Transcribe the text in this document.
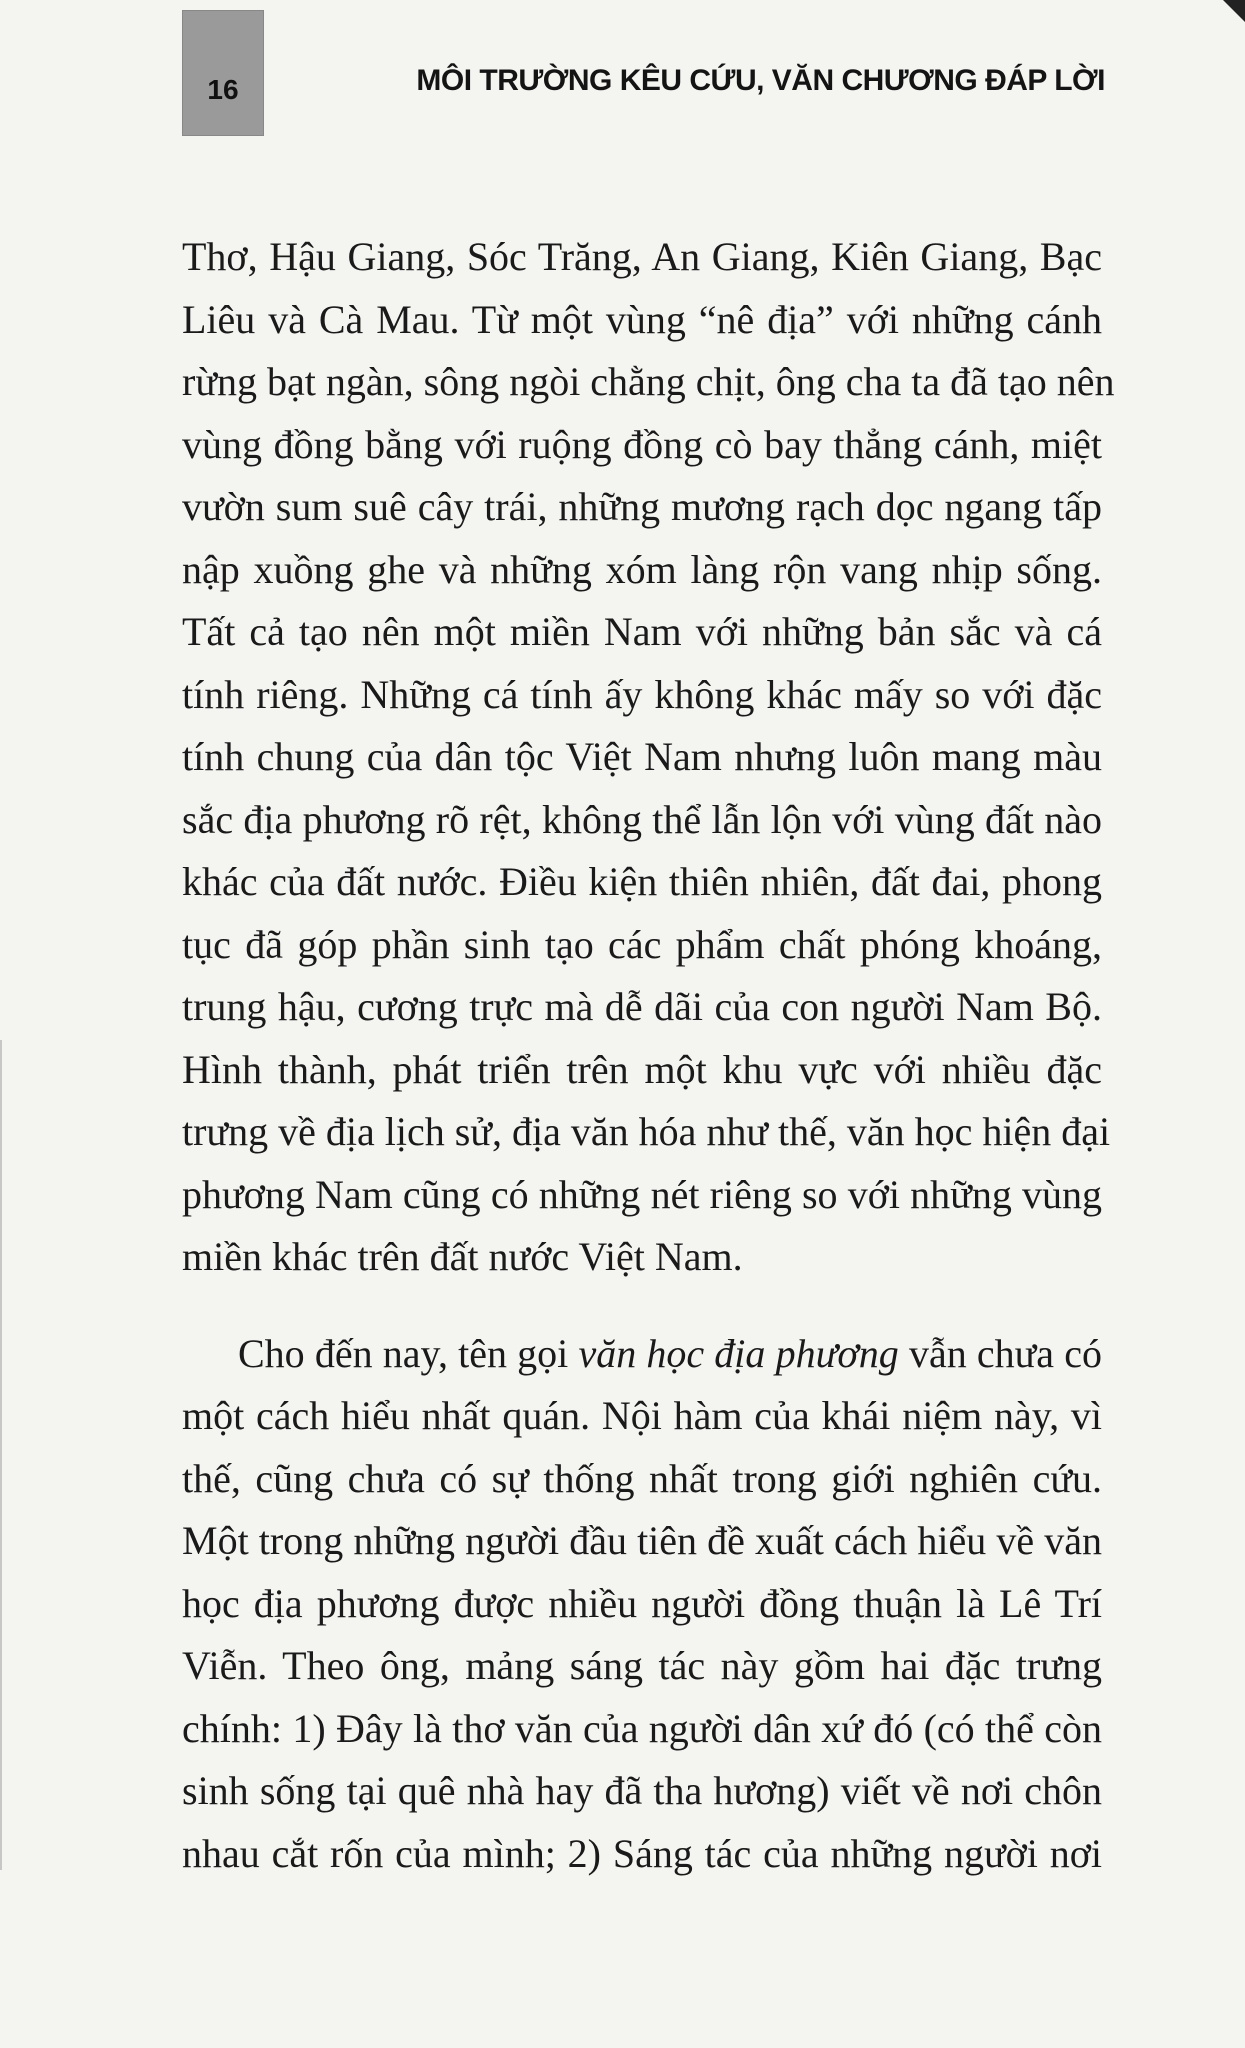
16	MÔI TRƯỜNG KÊU CỨU, VĂN CHƯƠNG ĐÁP LỜI
Thơ, Hậu Giang, Sóc Trăng, An Giang, Kiên Giang, Bạc
Liêu và Cà Mau. Từ một vùng “nê địa” với những cánh
rừng bạt ngàn, sông ngòi chằng chịt, ông cha ta đã tạo nên
vùng đồng bằng với ruộng đồng cò bay thẳng cánh, miệt
vườn sum suê cây trái, những mương rạch dọc ngang tấp
nập xuồng ghe và những xóm làng rộn vang nhịp sống.
Tất cả tạo nên một miền Nam với những bản sắc và cá
tính riêng. Những cá tính ấy không khác mấy so với đặc
tính chung của dân tộc Việt Nam nhưng luôn mang màu
sắc địa phương rõ rệt, không thể lẫn lộn với vùng đất nào
khác của đất nước. Điều kiện thiên nhiên, đất đai, phong
tục đã góp phần sinh tạo các phẩm chất phóng khoáng,
trung hậu, cương trực mà dễ dãi của con người Nam Bộ.
Hình thành, phát triển trên một khu vực với nhiều đặc
trưng về địa lịch sử, địa văn hóa như thế, văn học hiện đại
phương Nam cũng có những nét riêng so với những vùng
miền khác trên đất nước Việt Nam.
Cho đến nay, tên gọi văn học địa phương vẫn chưa có
một cách hiểu nhất quán. Nội hàm của khái niệm này, vì
thế, cũng chưa có sự thống nhất trong giới nghiên cứu.
Một trong những người đầu tiên đề xuất cách hiểu về văn
học địa phương được nhiều người đồng thuận là Lê Trí
Viễn. Theo ông, mảng sáng tác này gồm hai đặc trưng
chính: 1) Đây là thơ văn của người dân xứ đó (có thể còn
sinh sống tại quê nhà hay đã tha hương) viết về nơi chôn
nhau cắt rốn của mình; 2) Sáng tác của những người nơi
